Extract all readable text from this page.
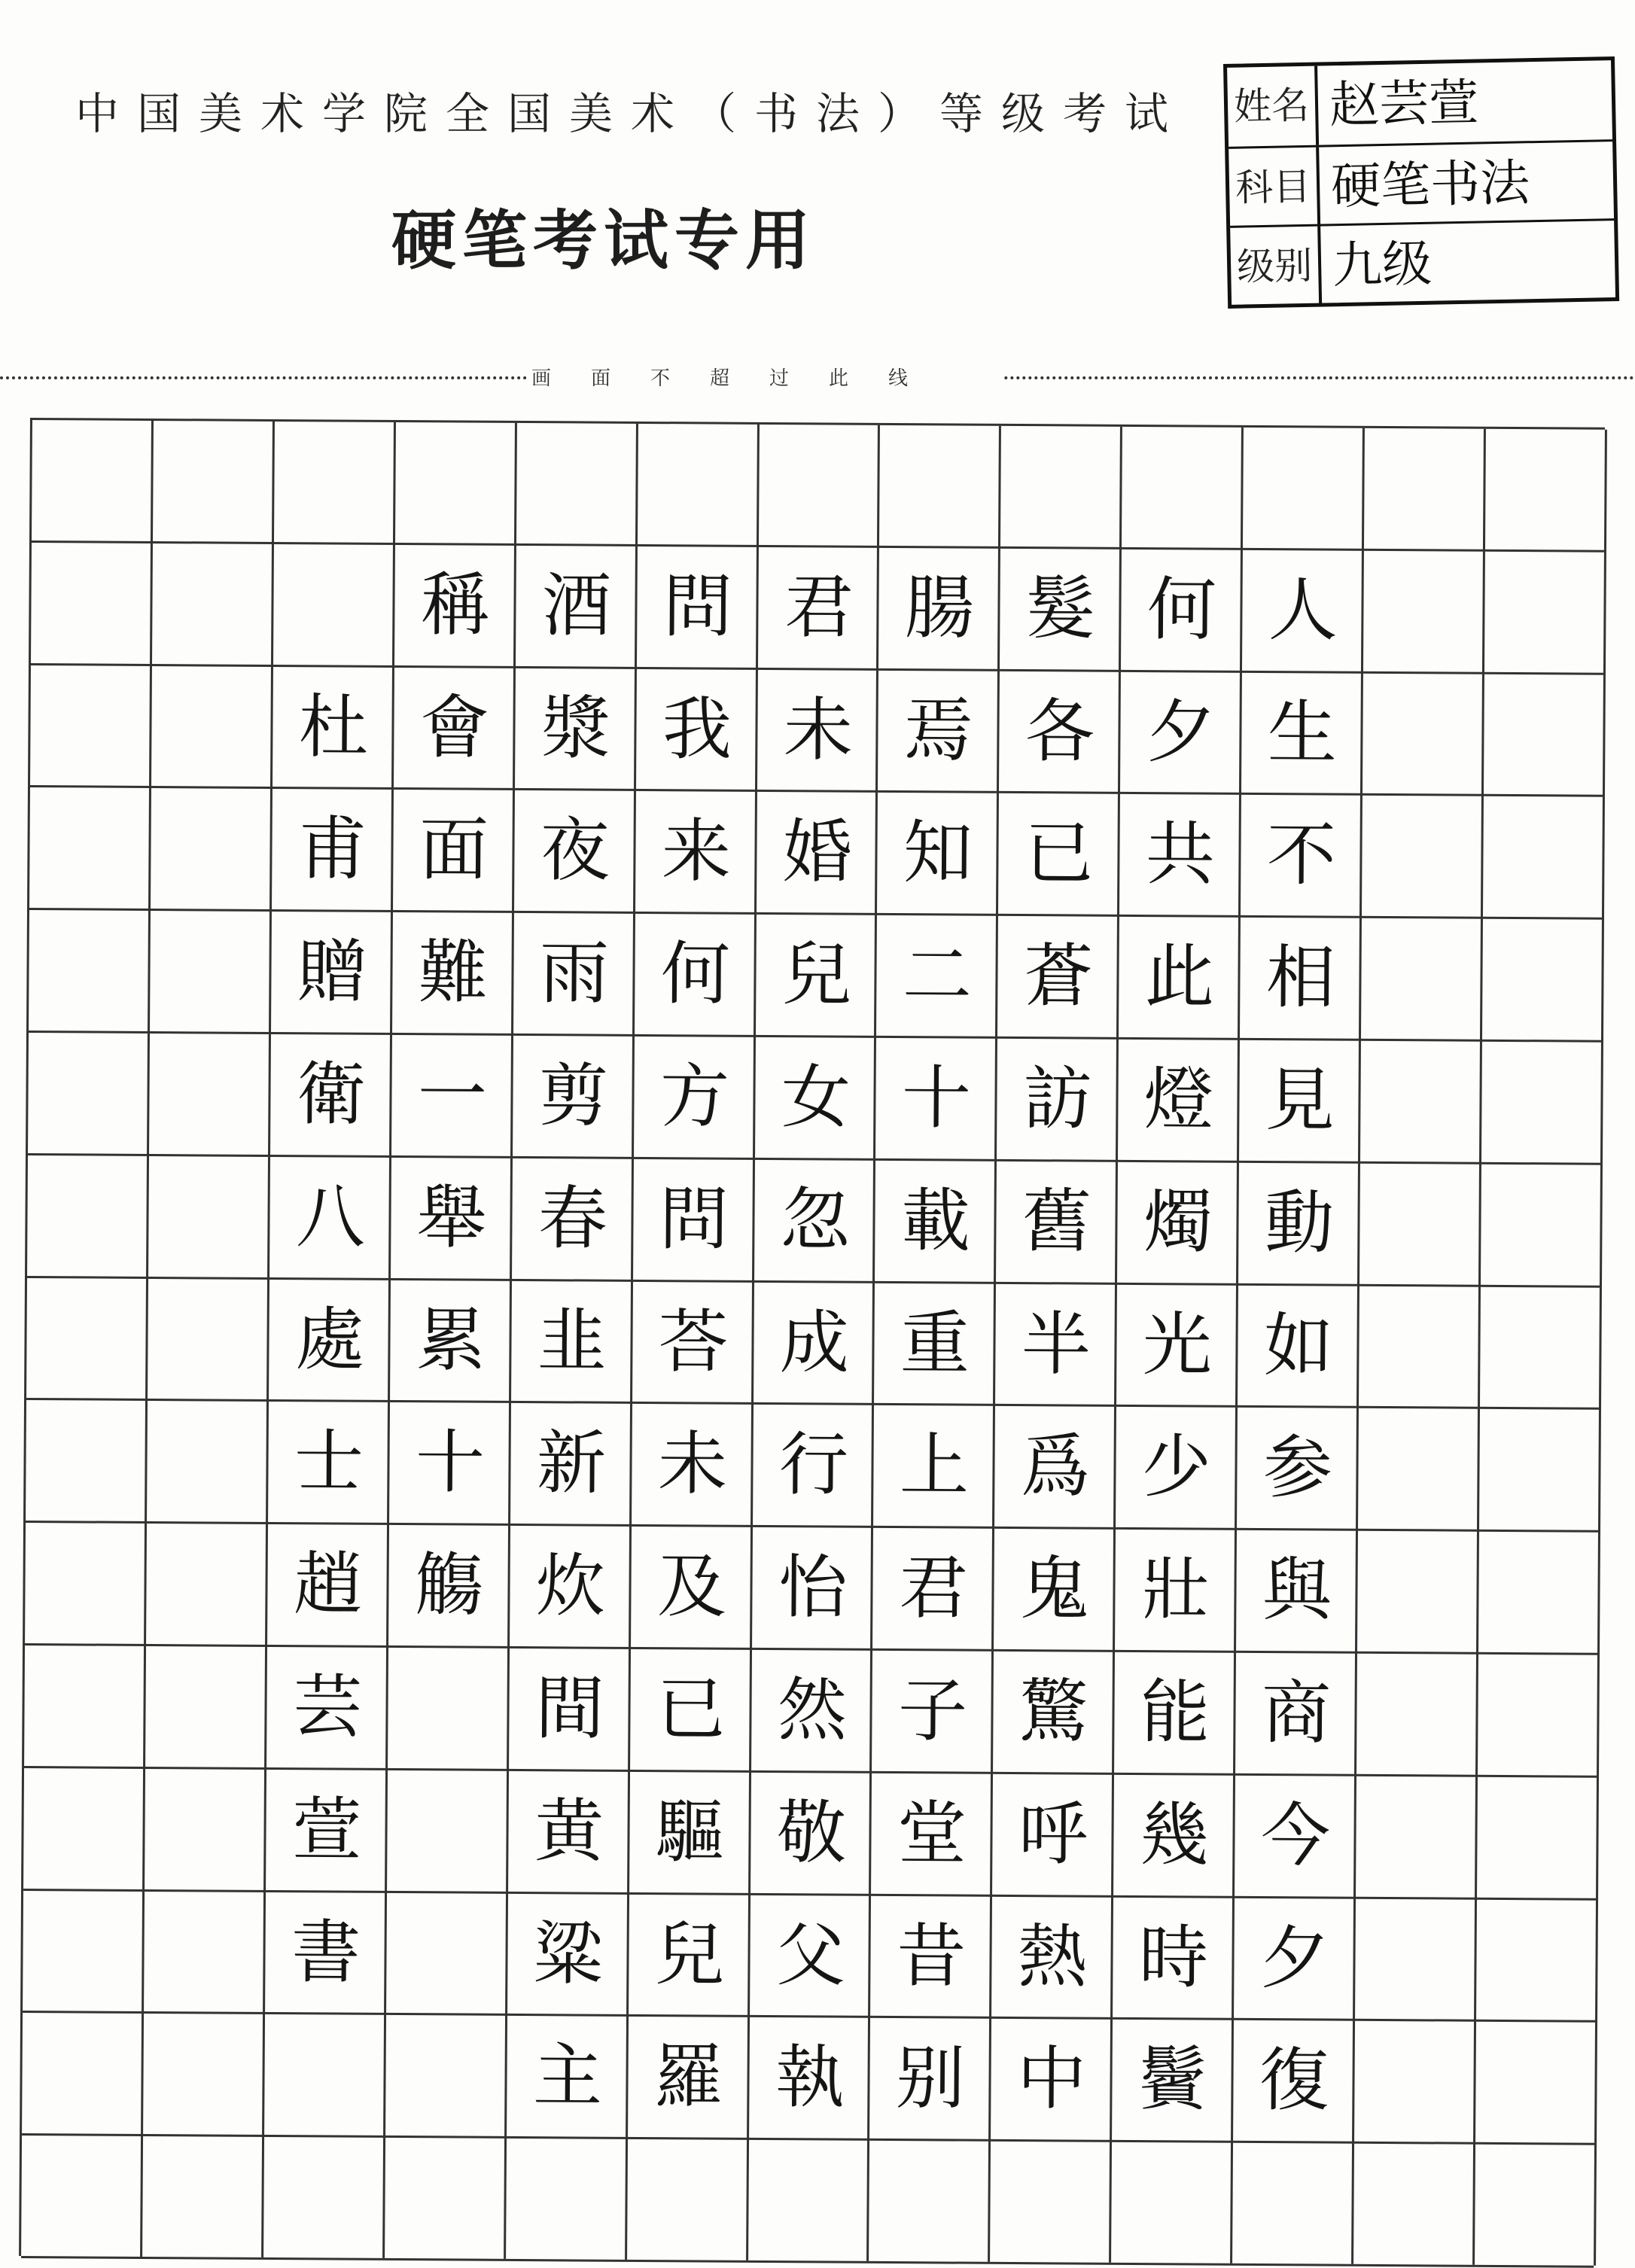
中国美术学院全国美术（书法）等级考试
硬笔考试专用
姓名 赵芸萱
科目 硬笔书法
级别 九级
画面不超过此线
人
生
不
相
見
動
如
参
與
商
今
夕
復
何
夕
共
此
燈
燭
光
少
壯
能
幾
時
鬢
髮
各
已
蒼
訪
舊
半
爲
鬼
驚
呼
熱
中
腸
焉
知
二
十
載
重
上
君
子
堂
昔
别
君
未
婚
兒
女
忽
成
行
怡
然
敬
父
執
問
我
来
何
方
問
荅
未
及
已
驅
兒
羅
酒
漿
夜
雨
剪
春
韭
新
炊
間
黄
粱
主
稱
會
面
難
一
舉
累
十
觴
杜
甫
贈
衛
八
處
士
趙
芸
萱
書
